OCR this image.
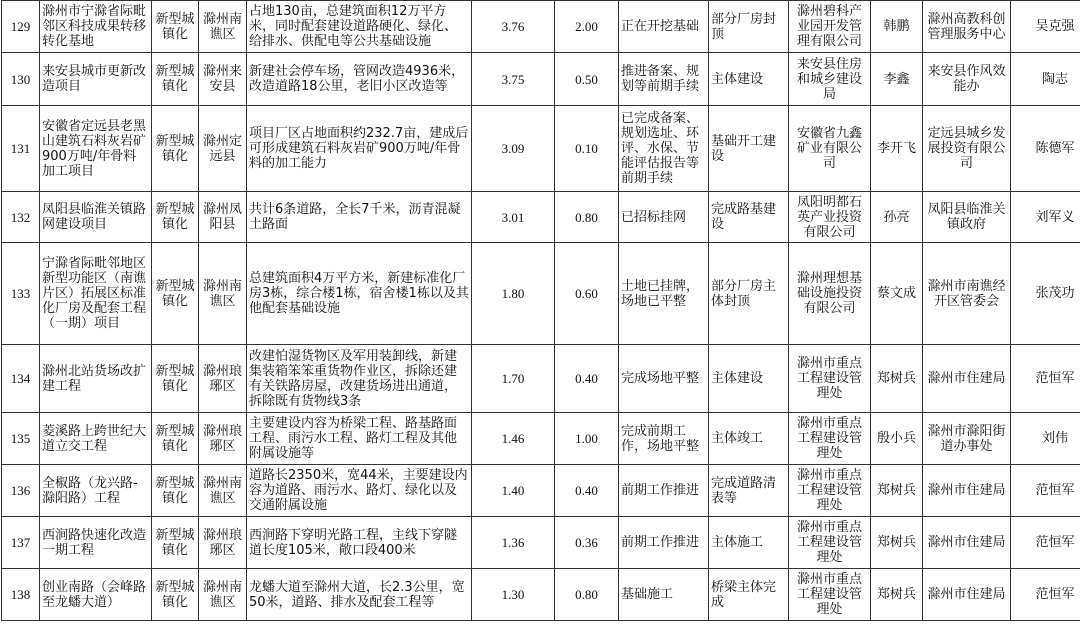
129	滁州市宁滁省际毗邻区科技成果转移转化基地	新型城镇化	滁州南谯区	占地130亩，总建筑面积12万平方米，同时配套建设道路硬化、绿化、给排水、供配电等公共基础设施	3.76	2.00	正在开挖基础	部分厂房封顶	滁州碧科产业园开发管理有限公司	韩鹏	滁州高教科创管理服务中心	吴克强
130	来安县城市更新改造项目	新型城镇化	滁州来安县	新建社会停车场，管网改造4936米，改造道路18公里，老旧小区改造等	3.75	0.50	推进备案、规划等前期手续	主体建设	来安县住房和城乡建设局	李鑫	来安县作风效能办	陶志
131	安徽省定远县老黑山建筑石料灰岩矿900万吨/年骨料加工项目	新型城镇化	滁州定远县	项目厂区占地面积约232.7亩，建成后可形成建筑石料灰岩矿900万吨/年骨料的加工能力	3.09	0.10	已完成备案、规划选址、环评、水保、节能评估报告等前期手续	基础开工建设	安徽省九鑫矿业有限公司	李开飞	定远县城乡发展投资有限公司	陈德军
132	凤阳县临淮关镇路网建设项目	新型城镇化	滁州凤阳县	共计6条道路，全长7千米，沥青混凝土路面	3.01	0.80	已招标挂网	完成路基建设	凤阳明都石英产业投资有限公司	孙亮	凤阳县临淮关镇政府	刘军义
133	宁滁省际毗邻地区新型功能区（南谯片区）拓展区标准化厂房及配套工程（一期）项目	新型城镇化	滁州南谯区	总建筑面积4万平方米，新建标准化厂房3栋，综合楼1栋，宿舍楼1栋以及其他配套基础设施	1.80	0.60	土地已挂牌，场地已平整	部分厂房主体封顶	滁州理想基础设施投资有限公司	蔡文成	滁州市南谯经开区管委会	张茂功
134	滁州北站货场改扩建工程	新型城镇化	滁州琅琊区	改建怕湿货物区及军用装卸线，新建集装箱笨笨重货物作业区，拆除还建有关铁路房屋，改建货场进出通道，拆除既有货物线3条	1.70	0.40	完成场地平整	主体建设	滁州市重点工程建设管理处	郑树兵	滁州市住建局	范恒军
135	菱溪路上跨世纪大道立交工程	新型城镇化	滁州琅琊区	主要建设内容为桥梁工程、路基路面工程、雨污水工程、路灯工程及其他附属设施等	1.46	1.00	完成前期工作，场地平整	主体竣工	滁州市重点工程建设管理处	殷小兵	滁州市滁阳街道办事处	刘伟
136	全椒路（龙兴路-滁阳路）工程	新型城镇化	滁州南谯区	道路长2350米，宽44米，主要建设内容为道路、雨污水、路灯、绿化以及交通附属设施	1.40	0.40	前期工作推进	完成道路清表等	滁州市重点工程建设管理处	郑树兵	滁州市住建局	范恒军
137	西涧路快速化改造一期工程	新型城镇化	滁州琅琊区	西涧路下穿明光路工程，主线下穿隧道长度105米，敞口段400米	1.36	0.36	前期工作推进	主体施工	滁州市重点工程建设管理处	郑树兵	滁州市住建局	范恒军
138	创业南路（会峰路至龙蟠大道）	新型城镇化	滁州南谯区	龙蟠大道至滁州大道，长2.3公里，宽50米，道路、排水及配套工程等	1.30	0.80	基础施工	桥梁主体完成	滁州市重点工程建设管理处	郑树兵	滁州市住建局	范恒军
